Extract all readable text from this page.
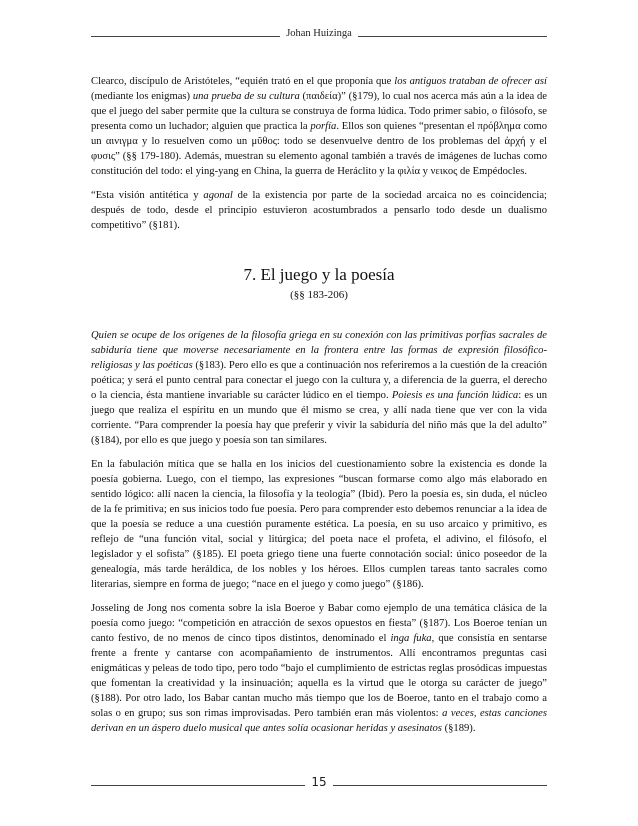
Johan Huizinga

Clearco, discípulo de Aristóteles, “equién trató en el que proponía que los antiguos trataban de ofrecer así (mediante los enigmas) una prueba de su cultura (παιδεία)” (§179), lo cual nos acerca más aún a la idea de que el juego del saber permite que la cultura se construya de forma lúdica. Todo primer sabio, o filósofo, se presenta como un luchador; alguien que practica la porfía. Ellos son quienes “presentan el πρόβλημα como un αινιγμα y lo resuelven como un μῦθος: todo se desenvuelve dentro de los problemas del ἀρχή y el φυσις” (§§ 179-180). Además, muestran su elemento agonal también a través de imágenes de luchas como constitución del todo: el ying-yang en China, la guerra de Heráclito y la φιλία y νεικος de Empédocles.

“Esta visión antitética y agonal de la existencia por parte de la sociedad arcaica no es coincidencia; después de todo, desde el principio estuvieron acostumbrados a pensarlo todo desde un dualismo competitivo” (§181).

7. El juego y la poesía
(§§ 183-206)

Quien se ocupe de los orígenes de la filosofía griega en su conexión con las primitivas porfías sacrales de sabiduría tiene que moverse necesariamente en la frontera entre las formas de expresión filosófico-religiosas y las poéticas (§183). Pero ello es que a continuación nos referiremos a la cuestión de la creación poética; y será el punto central para conectar el juego con la cultura y, a diferencia de la guerra, el derecho o la ciencia, ésta mantiene invariable su carácter lúdico en el tiempo. Poiesis es una función lúdica: es un juego que realiza el espíritu en un mundo que él mismo se crea, y allí nada tiene que ver con la vida corriente. “Para comprender la poesía hay que preferir y vivir la sabiduría del niño más que la del adulto” (§184), por ello es que juego y poesía son tan similares.

En la fabulación mítica que se halla en los inicios del cuestionamiento sobre la existencia es donde la poesía gobierna. Luego, con el tiempo, las expresiones “buscan formarse como algo más elaborado en sentido lógico: allí nacen la ciencia, la filosofía y la teología” (Ibid). Pero la poesía es, sin duda, el núcleo de la fe primitiva; en sus inicios todo fue poesía. Pero para comprender esto debemos renunciar a la idea de que la poesía se reduce a una cuestión puramente estética. La poesía, en su uso arcaico y primitivo, es reflejo de “una función vital, social y litúrgica; del poeta nace el profeta, el adivino, el filósofo, el legislador y el sofista” (§185). El poeta griego tiene una fuerte connotación social: único poseedor de la genealogía, más tarde heráldica, de los nobles y los héroes. Ellos cumplen tareas tanto sacrales como literarias, siempre en forma de juego; “nace en el juego y como juego” (§186).

Josseling de Jong nos comenta sobre la isla Boeroe y Babar como ejemplo de una temática clásica de la poesía como juego: “competición en atracción de sexos opuestos en fiesta” (§187). Los Boeroe tenían un canto festivo, de no menos de cinco tipos distintos, denominado el inga fuka, que consistía en sentarse frente a frente y cantarse con acompañamiento de instrumentos. Allí encontramos preguntas casi enigmáticas y peleas de todo tipo, pero todo “bajo el cumplimiento de estrictas reglas prosódicas impuestas que fomentan la creatividad y la insinuación; aquella es la virtud que le otorga su carácter de juego” (§188). Por otro lado, los Babar cantan mucho más tiempo que los de Boeroe, tanto en el trabajo como a solas o en grupo; sus son rimas improvisadas. Pero también eran más violentos: a veces, estas canciones derivan en un áspero duelo musical que antes solía ocasionar heridas y asesinatos (§189).

15
